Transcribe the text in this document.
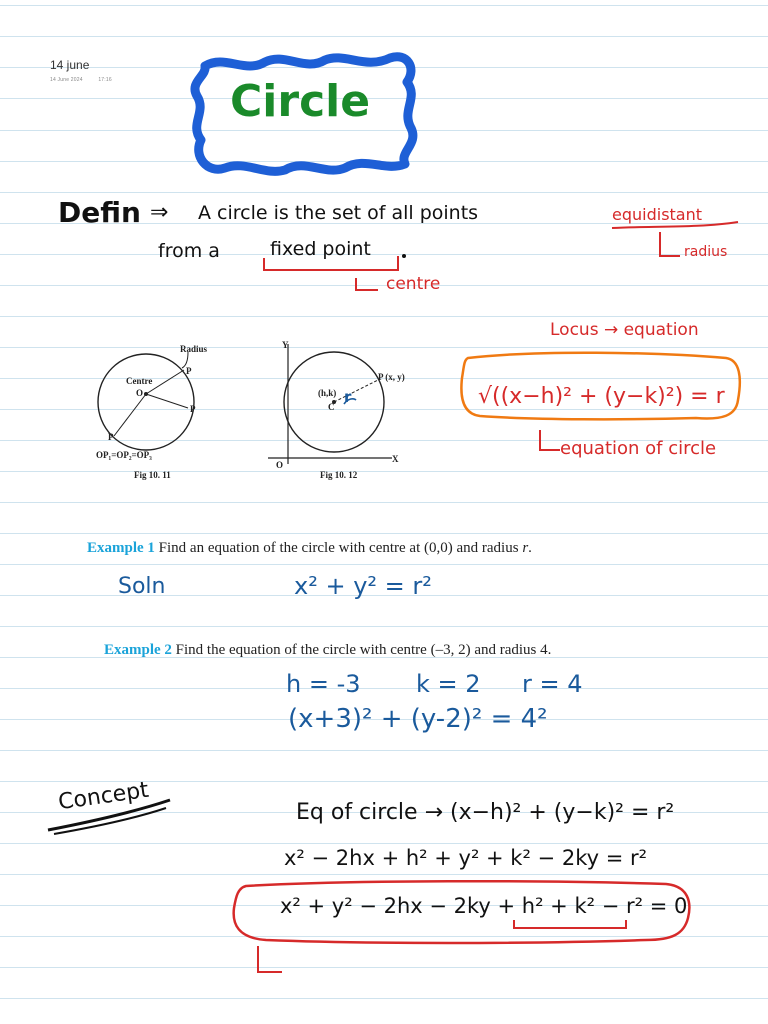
14 june
14 June 2024	17:16	Circle
Defin ⇒ A circle is the set of all points	equidistant
from a	fixed point	radius
centre
Radius
Centre
O
P
P
P
OP₁=OP₂=OP₃
Fig 10. 11
Y
X
O
(h,k)
C
P (x, y)
r
Fig 10. 12
Locus → equation
√((x−h)² + (y−k)²) = r
equation of circle
Example 1 Find an equation of the circle with centre at (0,0) and radius r.
Soln	x² + y² = r²
Example 2 Find the equation of the circle with centre (–3, 2) and radius 4.
h = -3 k = 2 r = 4
(x+3)² + (y-2)² = 4²
Concept	Eq of circle → (x−h)² + (y−k)² = r²
x² − 2hx + h² + y² + k² − 2ky = r²
x² + y² − 2hx − 2ky + h² + k² − r² = 0
